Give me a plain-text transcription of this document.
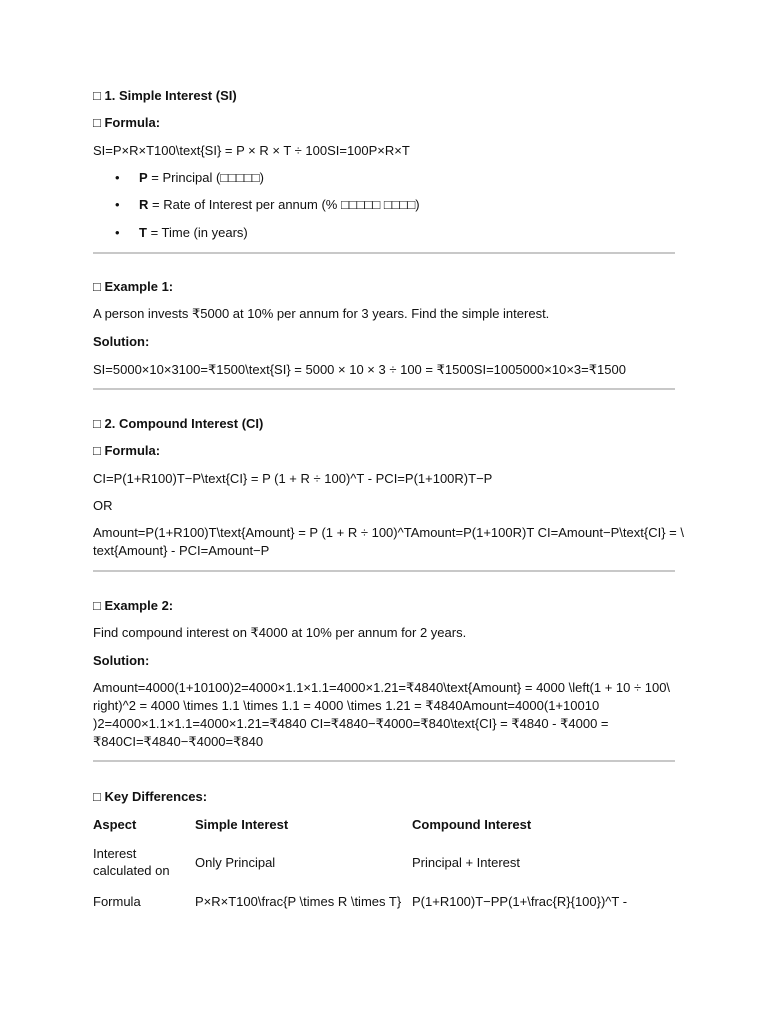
□ 1. Simple Interest (SI)
□ Formula:
SI=P×R×T100\text{SI} = P × R × T ÷ 100SI=100P×R×T
• P = Principal (□□□□□)
• R = Rate of Interest per annum (% □□□□□ □□□□)
• T = Time (in years)
□ Example 1:
A person invests ₹5000 at 10% per annum for 3 years. Find the simple interest.
Solution:
SI=5000×10×3100=₹1500\text{SI} = 5000 × 10 × 3 ÷ 100 = ₹1500SI=1005000×10×3=₹1500
□ 2. Compound Interest (CI)
□ Formula:
CI=P(1+R100)T−P\text{CI} = P (1 + R ÷ 100)^T - PCI=P(1+100R)T−P
OR
Amount=P(1+R100)T\text{Amount} = P (1 + R ÷ 100)^TAmount=P(1+100R)T CI=Amount−P\text{CI} = \
text{Amount} - PCI=Amount−P
□ Example 2:
Find compound interest on ₹4000 at 10% per annum for 2 years.
Solution:
Amount=4000(1+10100)2=4000×1.1×1.1=4000×1.21=₹4840\text{Amount} = 4000 \left(1 + 10 ÷ 100\
right)^2 = 4000 \times 1.1 \times 1.1 = 4000 \times 1.21 = ₹4840Amount=4000(1+10010
)2=4000×1.1×1.1=4000×1.21=₹4840 CI=₹4840−₹4000=₹840\text{CI} = ₹4840 - ₹4000 =
₹840CI=₹4840−₹4000=₹840
□ Key Differences:
Aspect	Simple Interest	Compound Interest

Interest
calculated on	Only Principal	Principal + Interest
Formula	P×R×T100\frac{P \times R \times T}	P(1+R100)T−PP(1+\frac{R}{100})^T -
